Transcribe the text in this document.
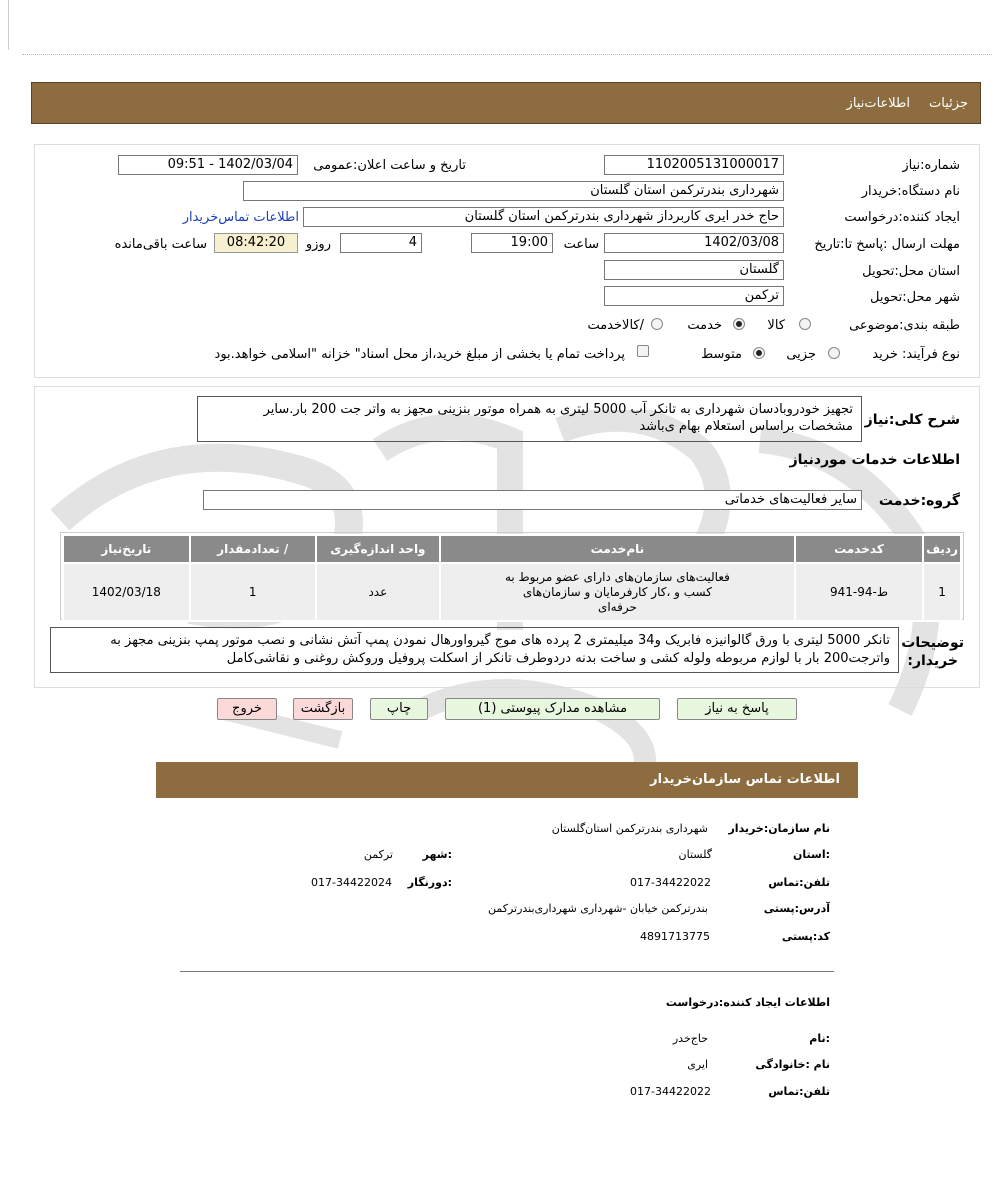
جزئیات
اطلاعات‌نیاز
شماره:نیاز
1102005131000017
تاریخ و ساعت اعلان:عمومی
1402/03/04 - 09:51
نام دستگاه:خریدار
شهرداری بندرترکمن استان گلستان
ایجاد کننده:درخواست
حاج خدر ایری کاربرداز شهرداری بندرترکمن استان گلستان
اطلاعات تماس‌خریدار
مهلت ارسال :پاسخ تا:تاریخ
1402/03/08
ساعت
19:00
روزو	4
08:42:20
ساعت باقی‌مانده
استان محل:تحویل
گلستان
شهر محل:تحویل
ترکمن
طبقه بندی:موضوعی
کالا
خدمت
/کالاخدمت
نوع فرآیند: خرید
جزیی
متوسط
پرداخت تمام یا بخشی از مبلغ خرید،از محل اسناد" خزانه "اسلامی خواهد.بود
شرح کلی:نیاز
تجهیز خودروبادسان شهرداری به تانکر آب 5000 لیتری به همراه موتور بنزینی مجهز به واتر جت 200 بار.سایر
مشخصات براساس استعلام بهام ی‌باشد
اطلاعات خدمات موردنیاز
گروه:خدمت
سایر فعالیت‌های خدماتی
ردیف	کدخدمت	نام‌خدمت	واحد اندازه‌گیری	/ تعدادمقدار	تاریخ‌نیاز
1	ط-94-941	فعالیت‌های سازمان‌های دارای عضو مربوط به
کسب و ،کار کارفرمایان و سازمان‌های
حرفه‌ای	عدد	1	1402/03/18
توضیحات
:خریدار
تانکر 5000 لیتری با ورق گالوانیزه فابریک و34 میلیمتری 2 پرده های موج گیرواورهال نمودن پمپ آتش نشانی و نصب موتور پمپ بنزینی مجهز به
واترجت200 بار با لوازم مربوطه ولوله کشی و ساخت بدنه دردوطرف تانکر از اسکلت پروفیل وروکش روغنی و نقاشی‌کامل
پاسخ به نیاز
مشاهده مدارک پیوستی (1)
چاپ
بازگشت
خروج
اطلاعات تماس سازمان‌خریدار
نام سازمان:خریدار
شهرداری بندرترکمن استان‌گلستان
:استان
گلستان
:شهر
ترکمن
تلفن:تماس
017-34422022
:دورنگار
017-34422024
آدرس:پستی
بندرترکمن خیابان -شهرداری شهرداری‌بندرترکمن
کد:پستی
4891713775
اطلاعات ایجاد کننده:درخواست
:نام
حاج‌خدر
نام :خانوادگی
ایری
تلفن:تماس
017-34422022
